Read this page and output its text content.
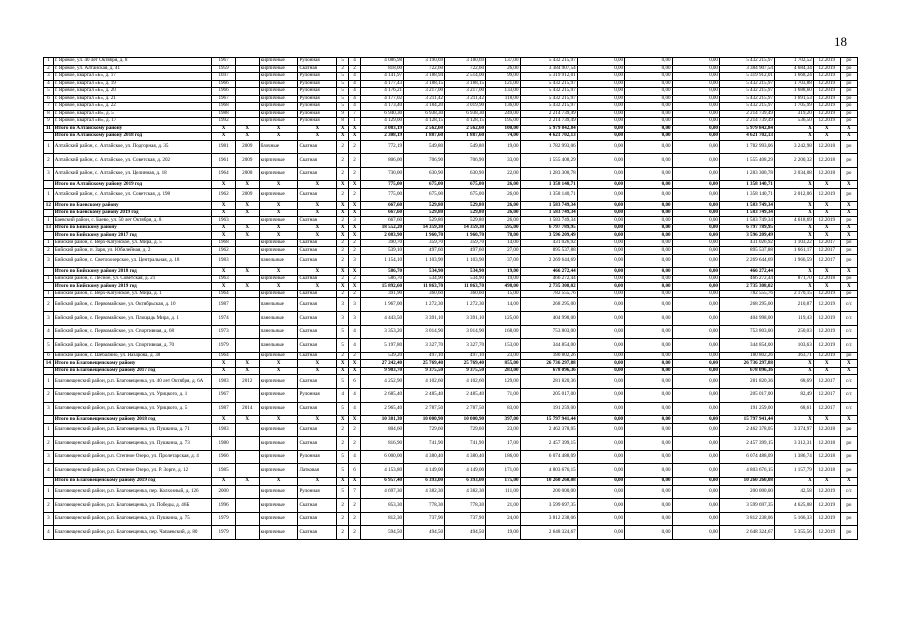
18
1	г. Яровое, ул. 40 лет Октября, д. 8	1967		кирпичные	Рулонная	5	4	4 086,98	3 190,69	3 180,69	137,00	5 432 215,97	0,00	0,00	0,00	5 432 215,97	1 702,52	12.2019	ро
2	г. Яровое, ул. Алтайская, д. 41	1959		кирпичные	Скатная	2	2	818,00	722,60	722,60	26,00	3 384 907,54	0,00	0,00	0,00	3 384 907,54	4 684,34	12.2019	ро
3	г. Яровое, квартал «Б», д. 17	1697		кирпичные	Рулонная	5	4	4 141,97	3 188,94	2 514,00	99,00	5 319 912,01	0,00	0,00	0,00	5 319 912,01	1 668,24	12.2019	ро
4	г. Яровое, квартал «Б», д. 19	1966		кирпичные	Рулонная	5	4	4 177,43	3 188,15	3 188,15	121,00	5 432 215,97	0,00	0,00	0,00	5 432 215,97	1 703,88	12.2019	ро
5	г. Яровое, квартал «Б», д. 20	1966		кирпичные	Рулонная	5	4	4 176,21	3 217,00	3 217,00	133,00	5 432 215,97	0,00	0,00	0,00	5 432 215,97	1 688,60	12.2019	ро
6	г. Яровое, квартал «Б», д. 21	1967		кирпичные	Рулонная	5	4	4 177,02	3 211,42	3 211,42	118,00	5 432 215,97	0,00	0,00	0,00	5 432 215,97	1 691,53	12.2019	ро
7	г. Яровое, квартал «Б», д. 22	1968		кирпичные	Рулонная	5	4	4 173,40	3 184,20	3 019,90	136,00	5 432 215,97	0,00	0,00	0,00	5 432 215,97	1 705,99	12.2019	ро
8	г. Яровое, квартал «В», д. 5	1988		кирпичные	Рулонная	9	7	6 940,30	6 938,30	6 938,30	249,00	2 214 739,49	0,00	0,00	0,00	2 214 739,49	319,20	12.2019	ро
9	г. Яровое, квартал «В», д. 17	1992		кирпичные	Рулонная	8	1	4 129,00	4 128,15	4 128,15	195,00	2 214 739,49	0,00	0,00	0,00	2 214 739,49	536,50	12.2019	ро
11	Итого по Алтайскому району	X	X	X	X	X	X	3 083,19	2 562,60	2 562,60	100,00	5 979 842,84	0,00	0,00	0,00	5 979 842,84	X	X	X
	Итого по Алтайскому району 2018 год	X	X	X	X	X	X	2 308,19	1 887,60	1 887,60	74,00	4 621 702,13	0,00	0,00	0,00	4 621 702,13	X	X	X
1	Алтайский район, с. Алтайское, ул. Подгорная, д. 35	1981	2009	блочные	Скатная	2	2	772,19	549,80	549,80	19,00	1 782 993,06	0,00	0,00	0,00	1 782 993,06	3 242,98	12.2018	ро
2	Алтайский район, с. Алтайское, ул. Советская, д. 202	1961	2009	кирпичные	Скатная	2	2	806,00	706,90	706,90	33,00	1 555 408,29	0,00	0,00	0,00	1 555 408,29	2 200,32	12.2018	ро
3	Алтайский район, с. Алтайское, ул. Целинная, д. 18	1964	2008	кирпичные	Скатная	2	2	730,00	630,90	630,90	22,00	1 283 300,78	0,00	0,00	0,00	1 283 300,78	2 034,08	12.2018	ро
	Итого по Алтайскому району 2019 год	X	X	X	X	X	X	775,00	675,00	675,00	26,00	1 358 140,71	0,00	0,00	0,00	1 358 140,71	X	X	X
1	Алтайский район, с. Алтайское, ул. Советская, д. 198	1962	2009	кирпичные	Скатная	2	2	775,00	675,00	675,00	26,00	1 358 140,71	0,00	0,00	0,00	1 358 140,71	2 012,06	12.2019	ро
12	Итого по Баевскому району	X	X	X	X	X	X	667,60	529,80	529,80	26,00	1 583 749,34	0,00	0,00	0,00	1 583 749,34	X	X	X
	Итого по Баевскому району 2019 год	X	X	X	X	X	X	667,60	529,80	529,80	26,00	1 583 749,34	0,00	0,00	0,00	1 583 749,34	X	X	X
1	Баевский район, с. Баево, ул. 50 лет Октября, д. 8	1963		кирпичные	Скатная	2	3	667,60	529,80	529,80	26,00	1 583 749,34	0,00	0,00	0,00	1 583 749,34	4 618,69	12.2019	ро
13	Итого по Бийскому району	X	X	X	X	X	X	18 552,20	14 359,30	14 359,30	595,00	6 797 789,95	0,00	0,00	0,00	6 797 789,95	X	X	X
	Итого по Бийскому району 2017 год	X	X	X	X	X	X	2 083,90	1 960,70	1 960,70	78,00	3 596 209,49	0,00	0,00	0,00	3 596 209,49	X	X	X
1	Бийский район, с. Верх-Катунское, ул. Мира, д. 5	1968		кирпичные	Скатная	2	2	390,70	359,70	359,70	14,00	431 026,92	0,00	0,00	0,00	431 026,92	1 103,22	12.2017	ро
2	Бийский район, п. Заря, ул. Юбилейная, д. 2	1962		кирпичные	Скатная	2	2	539,10	497,60	497,60	27,00	895 537,88	0,00	0,00	0,00	895 537,88	1 661,17	12.2017	ро
3	Бийский район, с. Светлоозерское, ул. Центральная, д. 18	1983		панельные	Скатная	2	3	1 154,10	1 103,90	1 103,90	37,00	2 269 644,69	0,00	0,00	0,00	2 269 644,69	1 966,59	12.2017	ро
	Итого по Бийскому району 2018 год	X	X	X	X	X	X	586,70	534,90	534,90	19,00	466 272,44	0,00	0,00	0,00	466 272,44	X	X	X
1	Бийский район, с. Лесное, ул. Советская, д. 21	1963		кирпичные	Скатная	2	2	586,70	534,90	534,90	19,00	466 272,44	0,00	0,00	0,00	466 272,44	871,70	12.2018	ро
	Итого по Бийскому району 2019 год	X	X	X	X	X	X	15 892,60	11 863,70	11 863,70	498,00	2 735 308,02	0,00	0,00	0,00	2 735 308,02	X	X	X
1	Бийский район, с. Верх-Катунское, ул. Мира, д. 1	1964		кирпичные	Скатная	2	2	391,90	360,60	360,60	15,00	782 555,76	0,00	0,00	0,00	782 555,76	2 170,15	12.2019	ро
2	Бийский район, с. Первомайское, ул. Октябрьская, д. 10	1987		панельные	Скатная	3	3	1 967,00	1 272,30	1 272,30	14,00	268 295,00	0,00	0,00	0,00	268 295,00	210,87	12.2019	с/с
3	Бийский район, с. Первомайское, ул. Площадь Мира, д. 1	1974		панельные	Скатная	3	3	4 443,50	3 391,10	3 391,10	125,00	404 998,00	0,00	0,00	0,00	404 998,00	119,43	12.2019	с/с
4	Бийский район, с. Первомайское, ул. Спортивная, д. 68	1973		панельные	Скатная	5	4	3 353,20	3 014,90	3 014,90	168,00	753 803,00	0,00	0,00	0,00	753 803,00	250,03	12.2019	с/с
5	Бийский район, с. Первомайское, ул. Спортивная, д. 70	1979		панельные	Скатная	5	4	5 197,80	3 327,70	3 327,70	153,00	344 854,00	0,00	0,00	0,00	344 854,00	103,63	12.2019	с/с
6	Бийский район, с. Шебалино, ул. Назарова, д. 38	1964		кирпичные	Скатная	2	2	539,20	497,10	497,10	23,00	180 802,26	0,00	0,00	0,00	180 802,26	363,71	12.2019	ро
14	Итого по Благовещенскому району	X	X	X	X	X	X	27 242,40	25 769,40	25 769,40	855,00	26 736 297,88	0,00	0,00	0,00	26 736 297,88	X	X	X
	Итого по Благовещенскому району 2017 год	X	X	X	X	X	X	9 903,70	9 375,50	9 375,50	283,00	678 096,36	0,00	0,00	0,00	678 096,36	X	X	X
1	Благовещенский район, р.п. Благовещенка, ул. 40 лет Октября, д. 6А	1983	2012	кирпичные	Скатная	5	6	4 252,90	4 102,60	4 102,60	129,00	281 820,36	0,00	0,00	0,00	281 820,36	68,69	12.2017	с/с
2	Благовещенский район, р.п. Благовещенка, ул. Урицкого, д. 1	1967		кирпичные	Рулонная	4	4	2 685,40	2 485,40	2 485,40	71,00	205 017,00	0,00	0,00	0,00	205 017,00	82,49	12.2017	с/с
3	Благовещенский район, р.п. Благовещенка, ул. Урицкого, д. 5	1987	2014	кирпичные	Скатная	5	4	2 965,40	2 787,50	2 787,50	83,00	191 259,00	0,00	0,00	0,00	191 259,00	68,61	12.2017	с/с
	Итого по Благовещенскому району 2018 год	X	X	X	X	X	X	10 381,30	10 000,90	10 000,90	397,00	15 797 941,44	0,00	0,00	0,00	15 797 941,44	X	X	X
1	Благовещенский район, р.п. Благовещенка, ул. Пушкина, д. 71	1983		кирпичные	Скатная	2	2	804,60	729,60	729,60	23,00	2 462 378,05	0,00	0,00	0,00	2 462 378,05	3 374,97	12.2018	ро
2	Благовещенский район, р.п. Благовещенка, ул. Пушкина, д. 73	1980		кирпичные	Скатная	2	2	816,90	741,90	741,90	17,00	2 457 399,15	0,00	0,00	0,00	2 457 399,15	3 312,31	12.2018	ро
3	Благовещенский район, р.п. Степное Озеро, ул. Пролетарская, д. 4	1966		кирпичные	Рулонная	5	4	6 000,00	4 380,40	4 380,40	186,00	6 074 488,09	0,00	0,00	0,00	6 074 488,09	1 386,74	12.2018	ро
4	Благовещенский район, р.п. Степное Озеро, ул. Р. Зорге, д. 12	1985		кирпичные	Латковая	5	6	4 153,80	4 149,00	4 149,00	171,00	4 803 676,15	0,00	0,00	0,00	4 803 676,15	1 157,79	12.2018	ро
	Итого по Благовещенскому району 2019 год	X	X	X	X	X	X	6 957,40	6 393,00	6 393,00	175,00	10 260 260,08	0,00	0,00	0,00	10 260 260,08	X	X	X
1	Благовещенский район, р.п. Благовещенка, пер. Колхозный, д. 126	2000		кирпичные	Рулонная	5	7	4 697,30	4 382,30	4 382,30	111,00	200 000,00	0,00	0,00	0,00	200 000,00	42,58	12.2019	с/с
2	Благовещенский район, р.п. Благовещенка, ул. Победы, д. 46Б	1996		кирпичные	Скатная	2	2	853,30	778,30	778,30	21,00	3 599 697,35	0,00	0,00	0,00	3 599 697,35	4 625,08	12.2019	ро
3	Благовещенский район, р.п. Благовещенка, ул. Пушкина, д. 75	1979		кирпичные	Скатная	2	2	812,30	737,90	737,90	24,00	3 812 238,06	0,00	0,00	0,00	3 812 238,06	5 166,33	12.2019	ро
4	Благовещенский район, р.п. Благовещенка, пер. Чапаевский, д. 80	1979		кирпичные	Скатная	2	2	594,50	494,50	494,50	19,00	2 648 324,67	0,00	0,00	0,00	2 648 324,67	5 355,56	12.2019	ро
